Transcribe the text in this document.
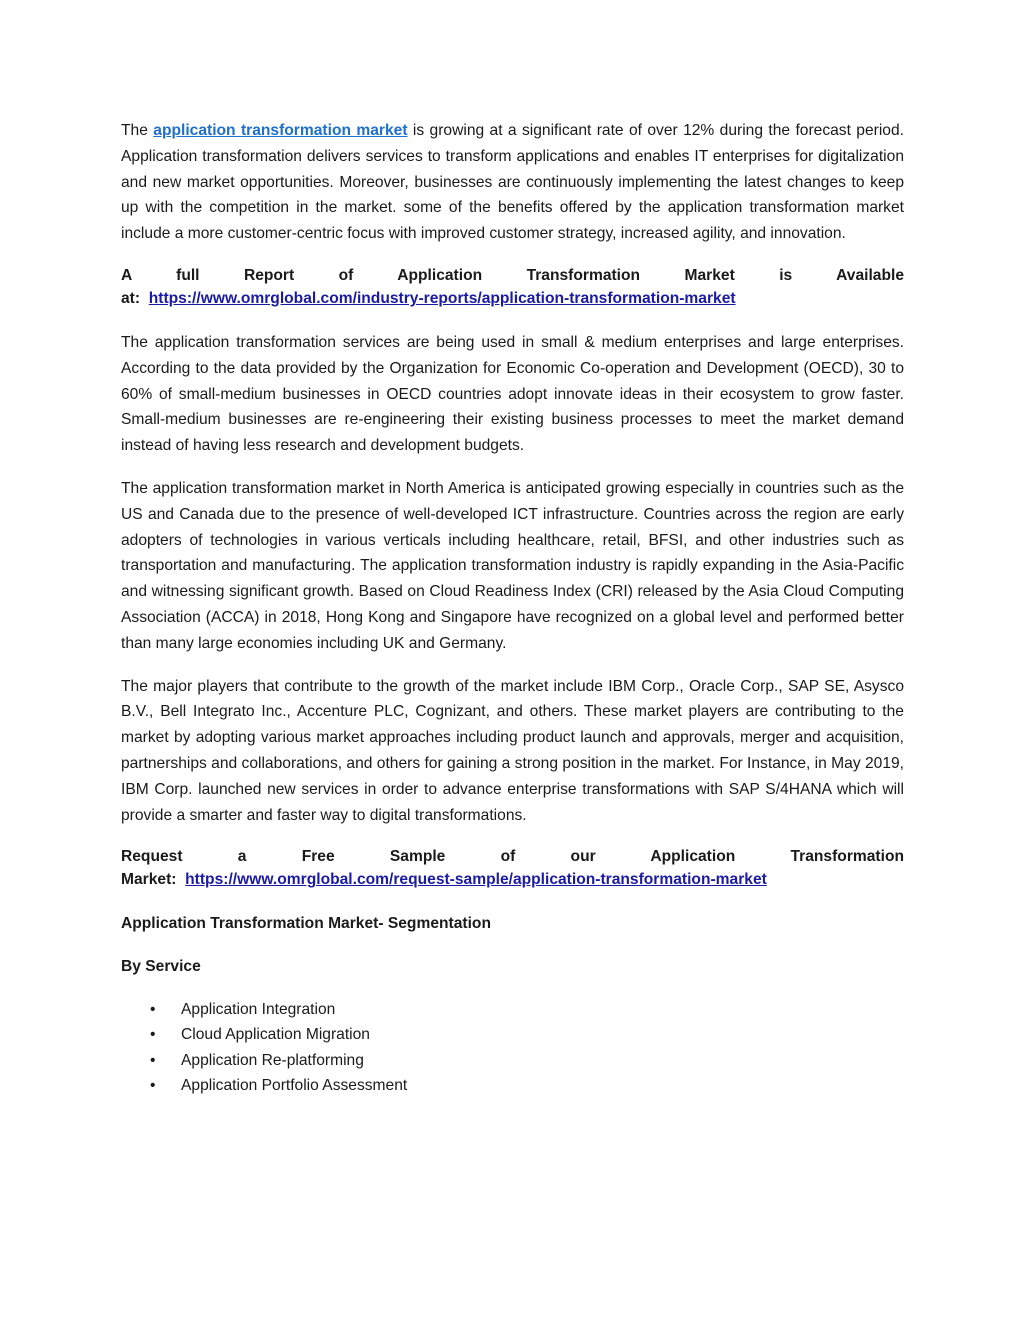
The application transformation market is growing at a significant rate of over 12% during the forecast period. Application transformation delivers services to transform applications and enables IT enterprises for digitalization and new market opportunities. Moreover, businesses are continuously implementing the latest changes to keep up with the competition in the market. some of the benefits offered by the application transformation market include a more customer-centric focus with improved customer strategy, increased agility, and innovation.

A full Report of Application Transformation Market is Available

at: https://www.omrglobal.com/industry-reports/application-transformation-market

The application transformation services are being used in small & medium enterprises and large enterprises. According to the data provided by the Organization for Economic Co-operation and Development (OECD), 30 to 60% of small-medium businesses in OECD countries adopt innovate ideas in their ecosystem to grow faster. Small-medium businesses are re-engineering their existing business processes to meet the market demand instead of having less research and development budgets.

The application transformation market in North America is anticipated growing especially in countries such as the US and Canada due to the presence of well-developed ICT infrastructure. Countries across the region are early adopters of technologies in various verticals including healthcare, retail, BFSI, and other industries such as transportation and manufacturing. The application transformation industry is rapidly expanding in the Asia-Pacific and witnessing significant growth. Based on Cloud Readiness Index (CRI) released by the Asia Cloud Computing Association (ACCA) in 2018, Hong Kong and Singapore have recognized on a global level and performed better than many large economies including UK and Germany.

The major players that contribute to the growth of the market include IBM Corp., Oracle Corp., SAP SE, Asysco B.V., Bell Integrato Inc., Accenture PLC, Cognizant, and others. These market players are contributing to the market by adopting various market approaches including product launch and approvals, merger and acquisition, partnerships and collaborations, and others for gaining a strong position in the market. For Instance, in May 2019, IBM Corp. launched new services in order to advance enterprise transformations with SAP S/4HANA which will provide a smarter and faster way to digital transformations.

Request a Free Sample of our Application Transformation

Market: https://www.omrglobal.com/request-sample/application-transformation-market

Application Transformation Market- Segmentation

By Service

• Application Integration
• Cloud Application Migration
• Application Re-platforming
• Application Portfolio Assessment
